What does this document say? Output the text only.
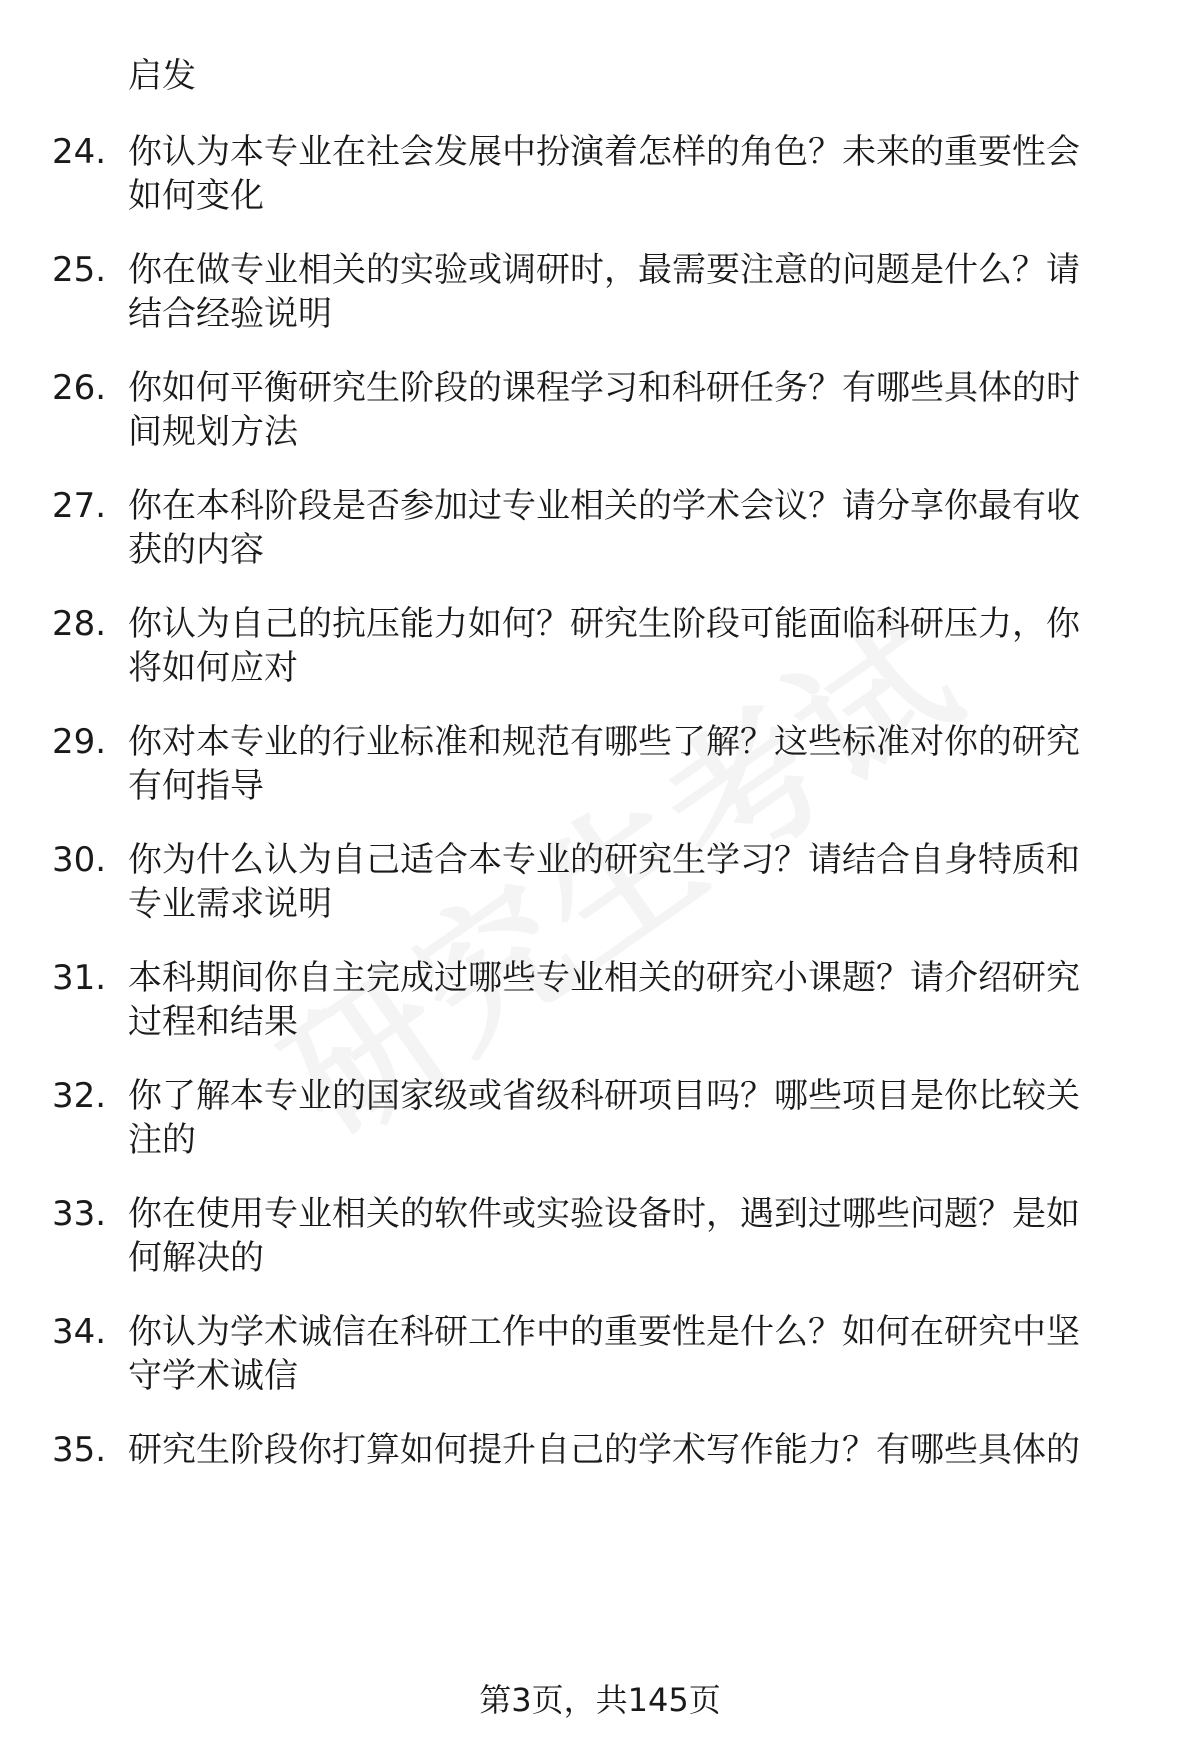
启发

24. 你认为本专业在社会发展中扮演着怎样的角色？未来的重要性会
如何变化

25. 你在做专业相关的实验或调研时，最需要注意的问题是什么？请
结合经验说明

26. 你如何平衡研究生阶段的课程学习和科研任务？有哪些具体的时
间规划方法

27. 你在本科阶段是否参加过专业相关的学术会议？请分享你最有收
获的内容

28. 你认为自己的抗压能力如何？研究生阶段可能面临科研压力，你
将如何应对

29. 你对本专业的行业标准和规范有哪些了解？这些标准对你的研究
有何指导

30. 你为什么认为自己适合本专业的研究生学习？请结合自身特质和
专业需求说明

31. 本科期间你自主完成过哪些专业相关的研究小课题？请介绍研究
过程和结果

32. 你了解本专业的国家级或省级科研项目吗？哪些项目是你比较关
注的

33. 你在使用专业相关的软件或实验设备时，遇到过哪些问题？是如
何解决的

34. 你认为学术诚信在科研工作中的重要性是什么？如何在研究中坚
守学术诚信

35. 研究生阶段你打算如何提升自己的学术写作能力？有哪些具体的

第3页，共145页
